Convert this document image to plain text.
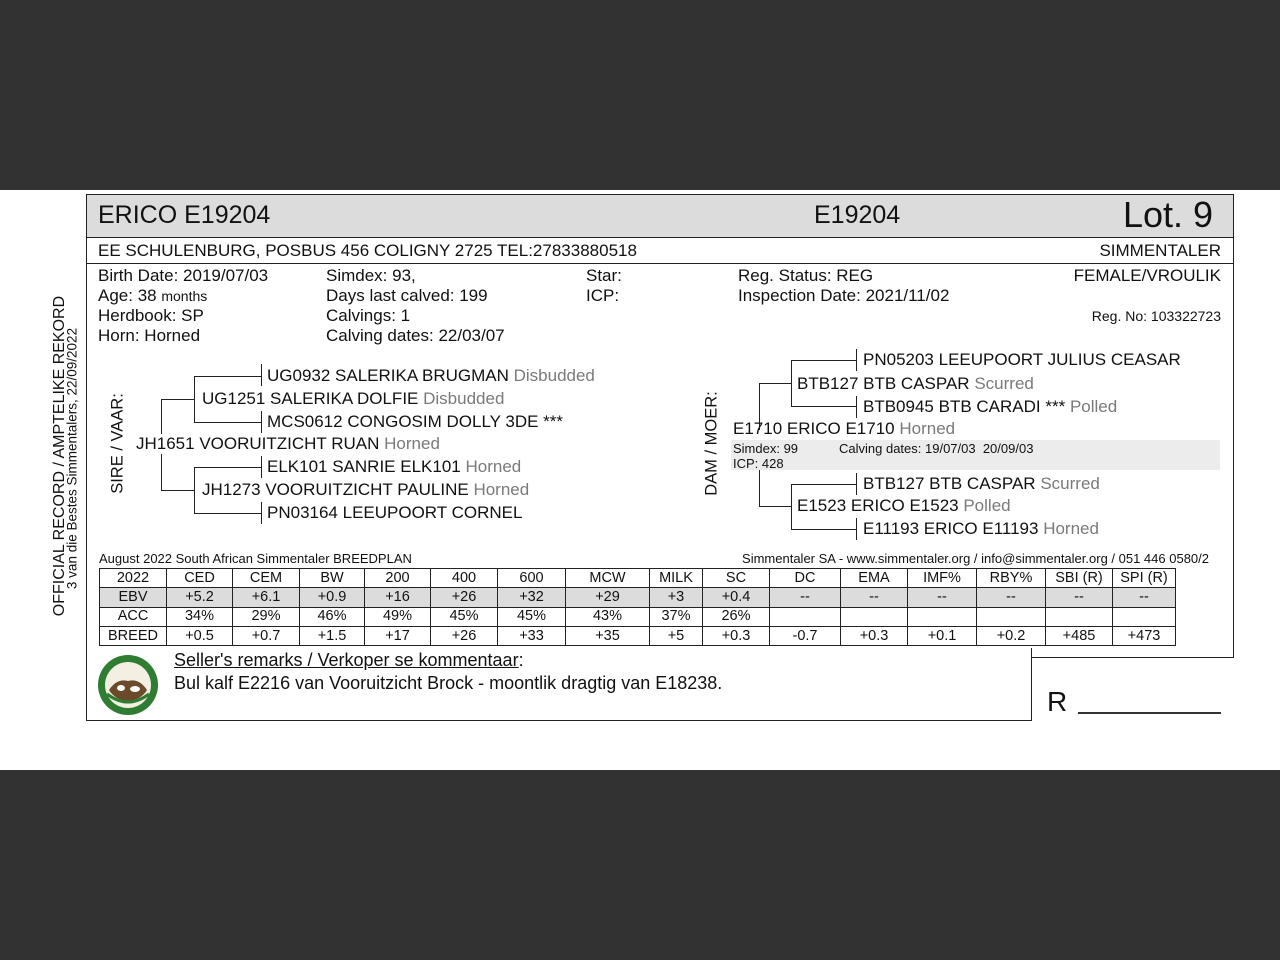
ERICO E19204	E19204	Lot. 9
EE SCHULENBURG, POSBUS 456 COLIGNY 2725 TEL:27833880518	SIMMENTALER
OFFICIAL RECORD / AMPTELIKE REKORD
3 van die Bestes Simmentalers, 22/09/2022
Birth Date: 2019/07/03
Age: 38 months
Herdbook: SP
Horn: Horned
Simdex: 93,
Days last calved: 199
Calvings: 1
Calving dates: 22/03/07
Star:
ICP:
Reg. Status: REG
Inspection Date: 2021/11/02
FEMALE/VROULIK
Reg. No: 103322723
SIRE / VAAR:
UG0932 SALERIKA BRUGMAN Disbudded
UG1251 SALERIKA DOLFIE Disbudded
MCS0612 CONGOSIM DOLLY 3DE ***
JH1651 VOORUITZICHT RUAN Horned
ELK101 SANRIE ELK101 Horned
JH1273 VOORUITZICHT PAULINE Horned
PN03164 LEEUPOORT CORNEL
DAM / MOER:
PN05203 LEEUPOORT JULIUS CEASAR
BTB127 BTB CASPAR Scurred
BTB0945 BTB CARADI *** Polled
E1710 ERICO E1710 Horned
Simdex: 99	Calving dates: 19/07/03  20/09/03
ICP: 428
BTB127 BTB CASPAR Scurred
E1523 ERICO E1523 Polled
E11193 ERICO E11193 Horned
August 2022 South African Simmentaler BREEDPLAN	Simmentaler SA - www.simmentaler.org / info@simmentaler.org / 051 446 0580/2
2022	CED	CEM	BW	200	400	600	MCW	MILK	SC	DC	EMA	IMF%	RBY%	SBI (R)	SPI (R)
EBV	+5.2	+6.1	+0.9	+16	+26	+32	+29	+3	+0.4	--	--	--	--	--	--
ACC	34%	29%	46%	49%	45%	45%	43%	37%	26%						
BREED	+0.5	+0.7	+1.5	+17	+26	+33	+35	+5	+0.3	-0.7	+0.3	+0.1	+0.2	+485	+473
Seller's remarks / Verkoper se kommentaar:
Bul kalf E2216 van Vooruitzicht Brock - moontlik dragtig van E18238.
R
